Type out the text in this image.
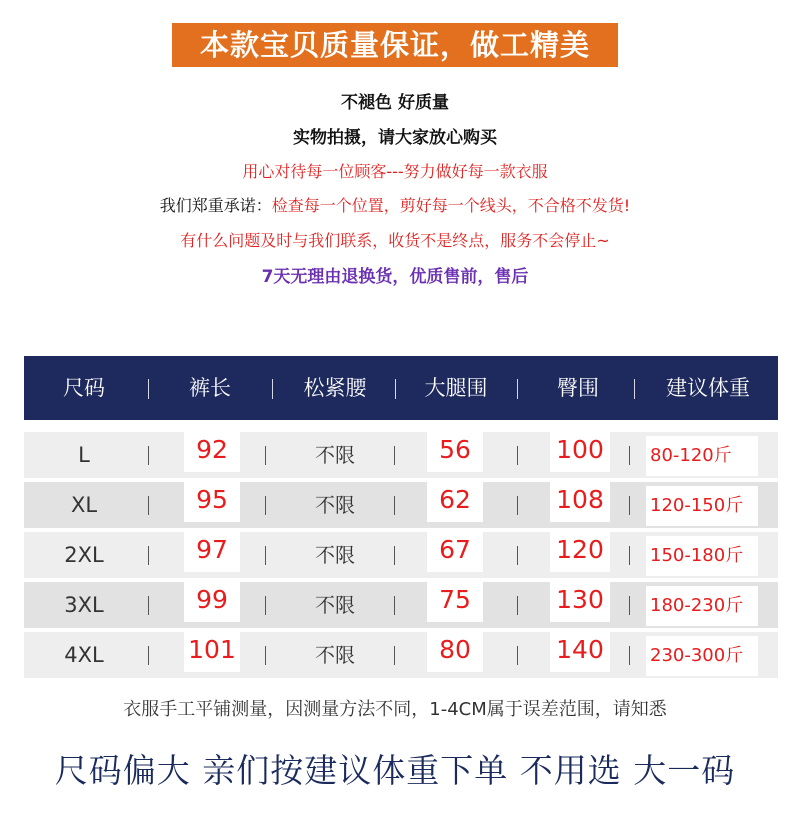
本款宝贝质量保证，做工精美
不褪色 好质量
实物拍摄，请大家放心购买
用心对待每一位顾客---努力做好每一款衣服
我们郑重承诺：检查每一个位置，剪好每一个线头，不合格不发货!
有什么问题及时与我们联系，收货不是终点，服务不会停止~
7天无理由退换货，优质售前，售后
尺码	裤长	松紧腰	大腿围	臀围	建议体重
L	92	不限	56	100	80-120斤
XL	95	不限	62	108	120-150斤
2XL	97	不限	67	120	150-180斤
3XL	99	不限	75	130	180-230斤
4XL	101	不限	80	140	230-300斤
衣服手工平铺测量，因测量方法不同，1-4CM属于误差范围，请知悉
尺码偏大 亲们按建议体重下单 不用选 大一码
